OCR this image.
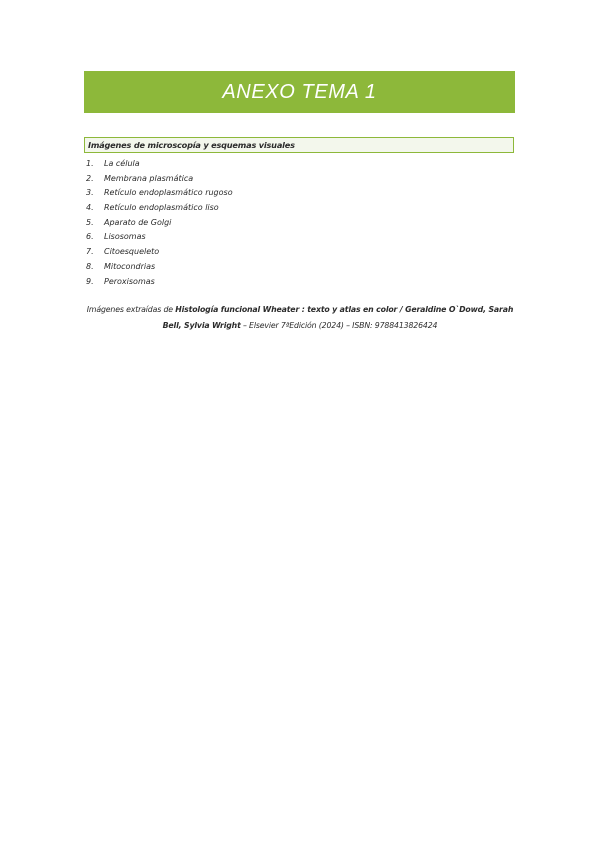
ANEXO TEMA 1
Imágenes de microscopía y esquemas visuales
1.	La célula
2.	Membrana plasmática
3.	Retículo endoplasmático rugoso
4.	Retículo endoplasmático liso
5.	Aparato de Golgi
6.	Lisosomas
7.	Citoesqueleto
8.	Mitocondrias
9.	Peroxisomas
Imágenes extraídas de Histología funcional Wheater : texto y atlas en color / Geraldine O`Dowd, Sarah Bell, Sylvia Wright – Elsevier 7ªEdición (2024) – ISBN: 9788413826424
